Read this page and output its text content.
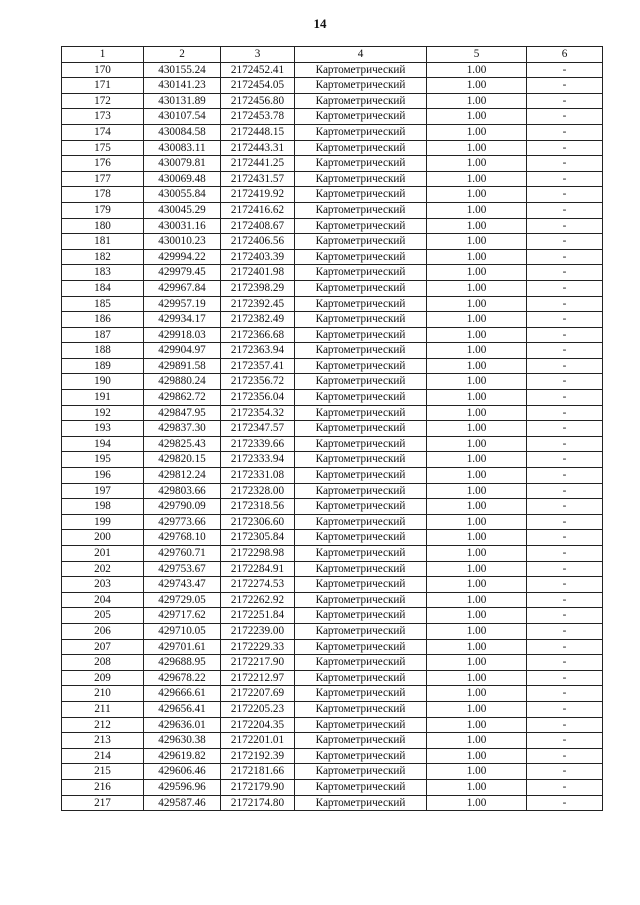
14
1	2	3	4	5	6
170	430155.24	2172452.41	Картометрический	1.00	-
171	430141.23	2172454.05	Картометрический	1.00	-
172	430131.89	2172456.80	Картометрический	1.00	-
173	430107.54	2172453.78	Картометрический	1.00	-
174	430084.58	2172448.15	Картометрический	1.00	-
175	430083.11	2172443.31	Картометрический	1.00	-
176	430079.81	2172441.25	Картометрический	1.00	-
177	430069.48	2172431.57	Картометрический	1.00	-
178	430055.84	2172419.92	Картометрический	1.00	-
179	430045.29	2172416.62	Картометрический	1.00	-
180	430031.16	2172408.67	Картометрический	1.00	-
181	430010.23	2172406.56	Картометрический	1.00	-
182	429994.22	2172403.39	Картометрический	1.00	-
183	429979.45	2172401.98	Картометрический	1.00	-
184	429967.84	2172398.29	Картометрический	1.00	-
185	429957.19	2172392.45	Картометрический	1.00	-
186	429934.17	2172382.49	Картометрический	1.00	-
187	429918.03	2172366.68	Картометрический	1.00	-
188	429904.97	2172363.94	Картометрический	1.00	-
189	429891.58	2172357.41	Картометрический	1.00	-
190	429880.24	2172356.72	Картометрический	1.00	-
191	429862.72	2172356.04	Картометрический	1.00	-
192	429847.95	2172354.32	Картометрический	1.00	-
193	429837.30	2172347.57	Картометрический	1.00	-
194	429825.43	2172339.66	Картометрический	1.00	-
195	429820.15	2172333.94	Картометрический	1.00	-
196	429812.24	2172331.08	Картометрический	1.00	-
197	429803.66	2172328.00	Картометрический	1.00	-
198	429790.09	2172318.56	Картометрический	1.00	-
199	429773.66	2172306.60	Картометрический	1.00	-
200	429768.10	2172305.84	Картометрический	1.00	-
201	429760.71	2172298.98	Картометрический	1.00	-
202	429753.67	2172284.91	Картометрический	1.00	-
203	429743.47	2172274.53	Картометрический	1.00	-
204	429729.05	2172262.92	Картометрический	1.00	-
205	429717.62	2172251.84	Картометрический	1.00	-
206	429710.05	2172239.00	Картометрический	1.00	-
207	429701.61	2172229.33	Картометрический	1.00	-
208	429688.95	2172217.90	Картометрический	1.00	-
209	429678.22	2172212.97	Картометрический	1.00	-
210	429666.61	2172207.69	Картометрический	1.00	-
211	429656.41	2172205.23	Картометрический	1.00	-
212	429636.01	2172204.35	Картометрический	1.00	-
213	429630.38	2172201.01	Картометрический	1.00	-
214	429619.82	2172192.39	Картометрический	1.00	-
215	429606.46	2172181.66	Картометрический	1.00	-
216	429596.96	2172179.90	Картометрический	1.00	-
217	429587.46	2172174.80	Картометрический	1.00	-
